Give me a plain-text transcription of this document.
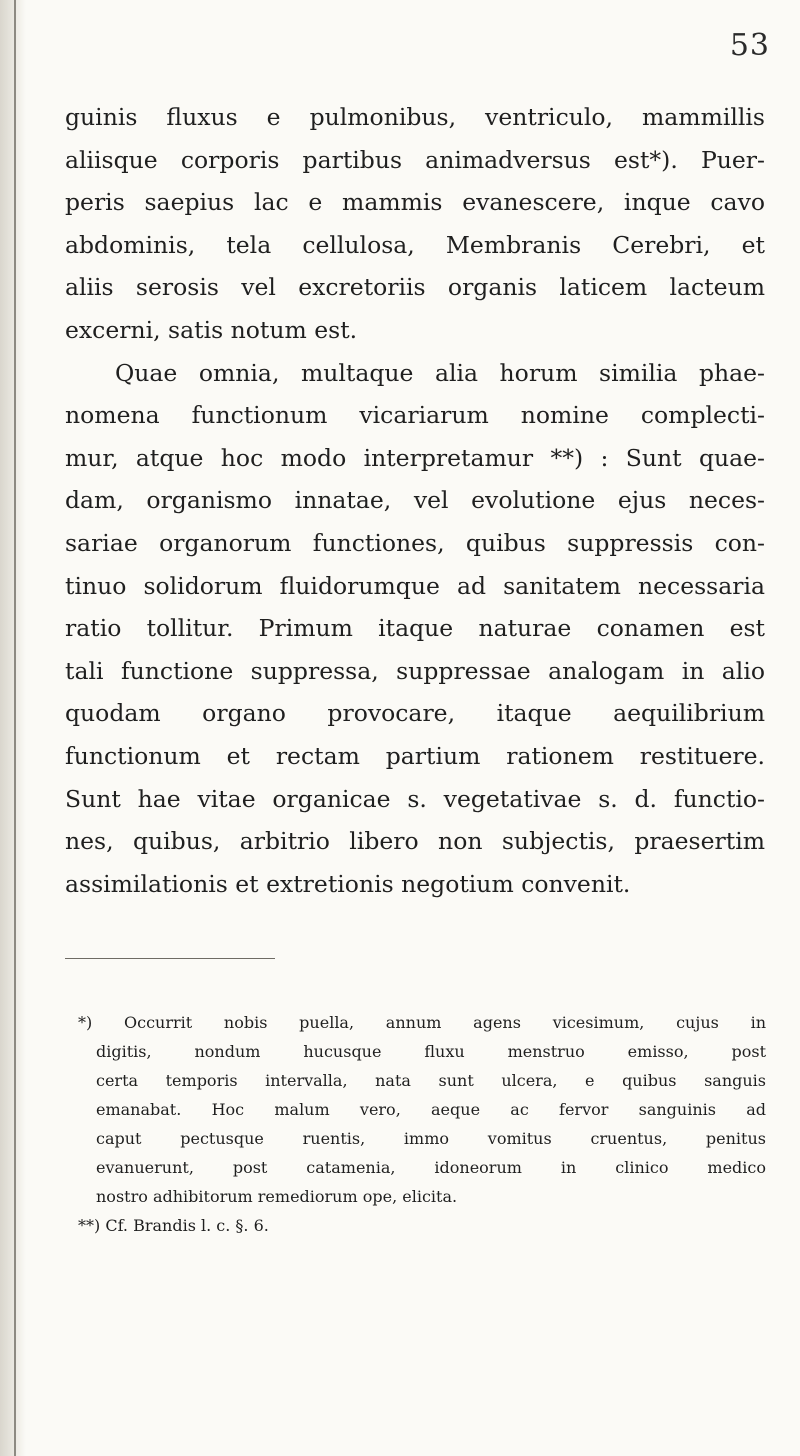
53
guinis fluxus e pulmonibus, ventriculo, mammillis
aliisque corporis partibus animadversus est*). Puer-
peris saepius lac e mammis evanescere, inque cavo
abdominis, tela cellulosa, Membranis Cerebri, et
aliis serosis vel excretoriis organis laticem lacteum
excerni, satis notum est.
Quae omnia, multaque alia horum similia phae-
nomena functionum vicariarum nomine complecti-
mur, atque hoc modo interpretamur **) : Sunt quae-
dam, organismo innatae, vel evolutione ejus neces-
sariae organorum functiones, quibus suppressis con-
tinuo solidorum fluidorumque ad sanitatem necessaria
ratio tollitur. Primum itaque naturae conamen est
tali functione suppressa, suppressae analogam in alio
quodam organo provocare, itaque aequilibrium
functionum et rectam partium rationem restituere.
Sunt hae vitae organicae s. vegetativae s. d. functio-
nes, quibus, arbitrio libero non subjectis, praesertim
assimilationis et extretionis negotium convenit.
*) Occurrit nobis puella, annum agens vicesimum, cujus in
digitis, nondum hucusque fluxu menstruo emisso, post
certa temporis intervalla, nata sunt ulcera, e quibus sanguis
emanabat. Hoc malum vero, aeque ac fervor sanguinis ad
caput pectusque ruentis, immo vomitus cruentus, penitus
evanuerunt, post catamenia, idoneorum in clinico medico
nostro adhibitorum remediorum ope, elicita.
**) Cf. Brandis l. c. §. 6.
